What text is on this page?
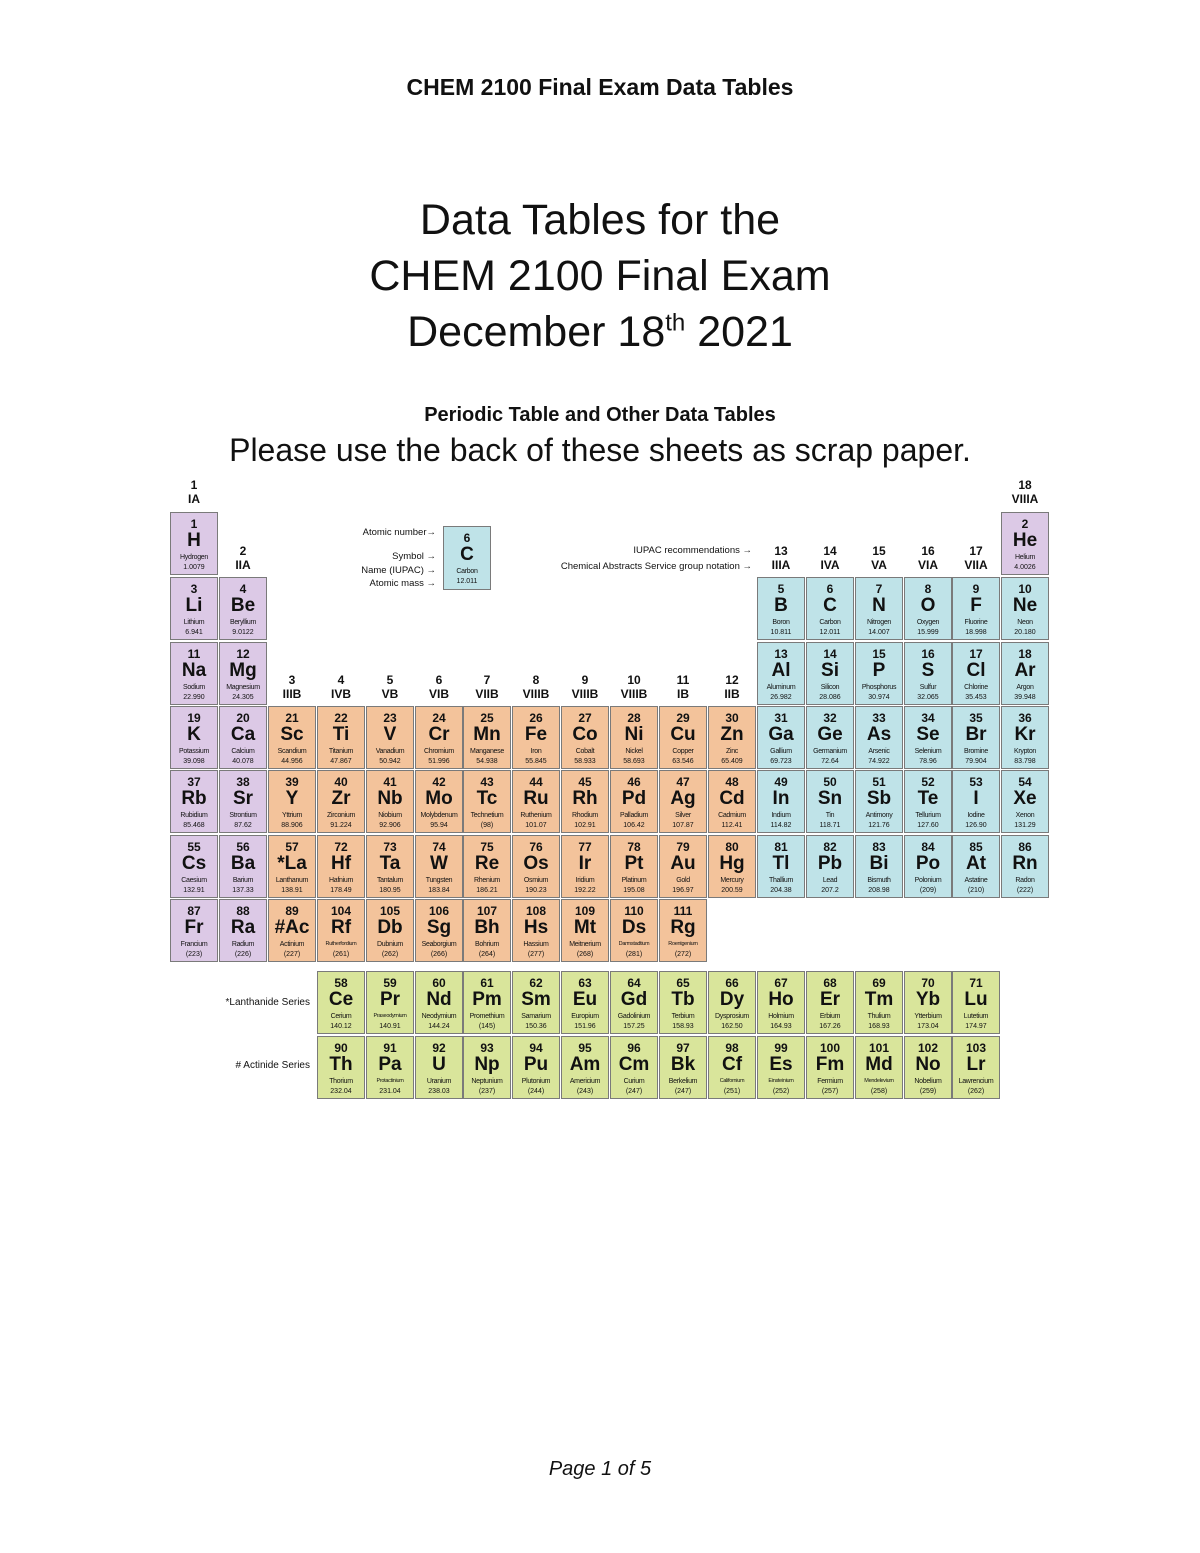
CHEM 2100 Final Exam Data Tables
Data Tables for the
CHEM 2100 Final Exam
December 18th 2021
Periodic Table and Other Data Tables
Please use the back of these sheets as scrap paper.
Atomic number→
Symbol →
Name (IUPAC) →
Atomic mass →
6
C
Carbon
12.011
IUPAC recommendations →
Chemical Abstracts Service group notation →
*Lanthanide Series
# Actinide Series
1
H
Hydrogen
1.0079
2
He
Helium
4.0026
3
Li
Lithium
6.941
4
Be
Beryllium
9.0122
5
B
Boron
10.811
6
C
Carbon
12.011
7
N
Nitrogen
14.007
8
O
Oxygen
15.999
9
F
Fluorine
18.998
10
Ne
Neon
20.180
11
Na
Sodium
22.990
12
Mg
Magnesium
24.305
13
Al
Aluminum
26.982
14
Si
Silicon
28.086
15
P
Phosphorus
30.974
16
S
Sulfur
32.065
17
Cl
Chlorine
35.453
18
Ar
Argon
39.948
19
K
Potassium
39.098
20
Ca
Calcium
40.078
21
Sc
Scandium
44.956
22
Ti
Titanium
47.867
23
V
Vanadium
50.942
24
Cr
Chromium
51.996
25
Mn
Manganese
54.938
26
Fe
Iron
55.845
27
Co
Cobalt
58.933
28
Ni
Nickel
58.693
29
Cu
Copper
63.546
30
Zn
Zinc
65.409
31
Ga
Gallium
69.723
32
Ge
Germanium
72.64
33
As
Arsenic
74.922
34
Se
Selenium
78.96
35
Br
Bromine
79.904
36
Kr
Krypton
83.798
37
Rb
Rubidium
85.468
38
Sr
Strontium
87.62
39
Y
Yttrium
88.906
40
Zr
Zirconium
91.224
41
Nb
Niobium
92.906
42
Mo
Molybdenum
95.94
43
Tc
Technetium
(98)
44
Ru
Ruthenium
101.07
45
Rh
Rhodium
102.91
46
Pd
Palladium
106.42
47
Ag
Silver
107.87
48
Cd
Cadmium
112.41
49
In
Indium
114.82
50
Sn
Tin
118.71
51
Sb
Antimony
121.76
52
Te
Tellurium
127.60
53
I
Iodine
126.90
54
Xe
Xenon
131.29
55
Cs
Caesium
132.91
56
Ba
Barium
137.33
57
*La
Lanthanum
138.91
72
Hf
Hafnium
178.49
73
Ta
Tantalum
180.95
74
W
Tungsten
183.84
75
Re
Rhenium
186.21
76
Os
Osmium
190.23
77
Ir
Iridium
192.22
78
Pt
Platinum
195.08
79
Au
Gold
196.97
80
Hg
Mercury
200.59
81
Tl
Thallium
204.38
82
Pb
Lead
207.2
83
Bi
Bismuth
208.98
84
Po
Polonium
(209)
85
At
Astatine
(210)
86
Rn
Radon
(222)
87
Fr
Francium
(223)
88
Ra
Radium
(226)
89
#Ac
Actinium
(227)
104
Rf
Rutherfordium
(261)
105
Db
Dubnium
(262)
106
Sg
Seaborgium
(266)
107
Bh
Bohrium
(264)
108
Hs
Hassium
(277)
109
Mt
Meitnerium
(268)
110
Ds
Darmstadtium
(281)
111
Rg
Roentgenium
(272)
58
Ce
Cerium
140.12
59
Pr
Praseodymium
140.91
60
Nd
Neodymium
144.24
61
Pm
Promethium
(145)
62
Sm
Samarium
150.36
63
Eu
Europium
151.96
64
Gd
Gadolinium
157.25
65
Tb
Terbium
158.93
66
Dy
Dysprosium
162.50
67
Ho
Holmium
164.93
68
Er
Erbium
167.26
69
Tm
Thulium
168.93
70
Yb
Ytterbium
173.04
71
Lu
Lutetium
174.97
90
Th
Thorium
232.04
91
Pa
Protactinium
231.04
92
U
Uranium
238.03
93
Np
Neptunium
(237)
94
Pu
Plutonium
(244)
95
Am
Americium
(243)
96
Cm
Curium
(247)
97
Bk
Berkelium
(247)
98
Cf
Californium
(251)
99
Es
Einsteinium
(252)
100
Fm
Fermium
(257)
101
Md
Mendelevium
(258)
102
No
Nobelium
(259)
103
Lr
Lawrencium
(262)
1
IA
2
IIA
3
IIIB
4
IVB
5
VB
6
VIB
7
VIIB
8
VIIIB
9
VIIIB
10
VIIIB
11
IB
12
IIB
13
IIIA
14
IVA
15
VA
16
VIA
17
VIIA
18
VIIIA
Page 1 of 5
